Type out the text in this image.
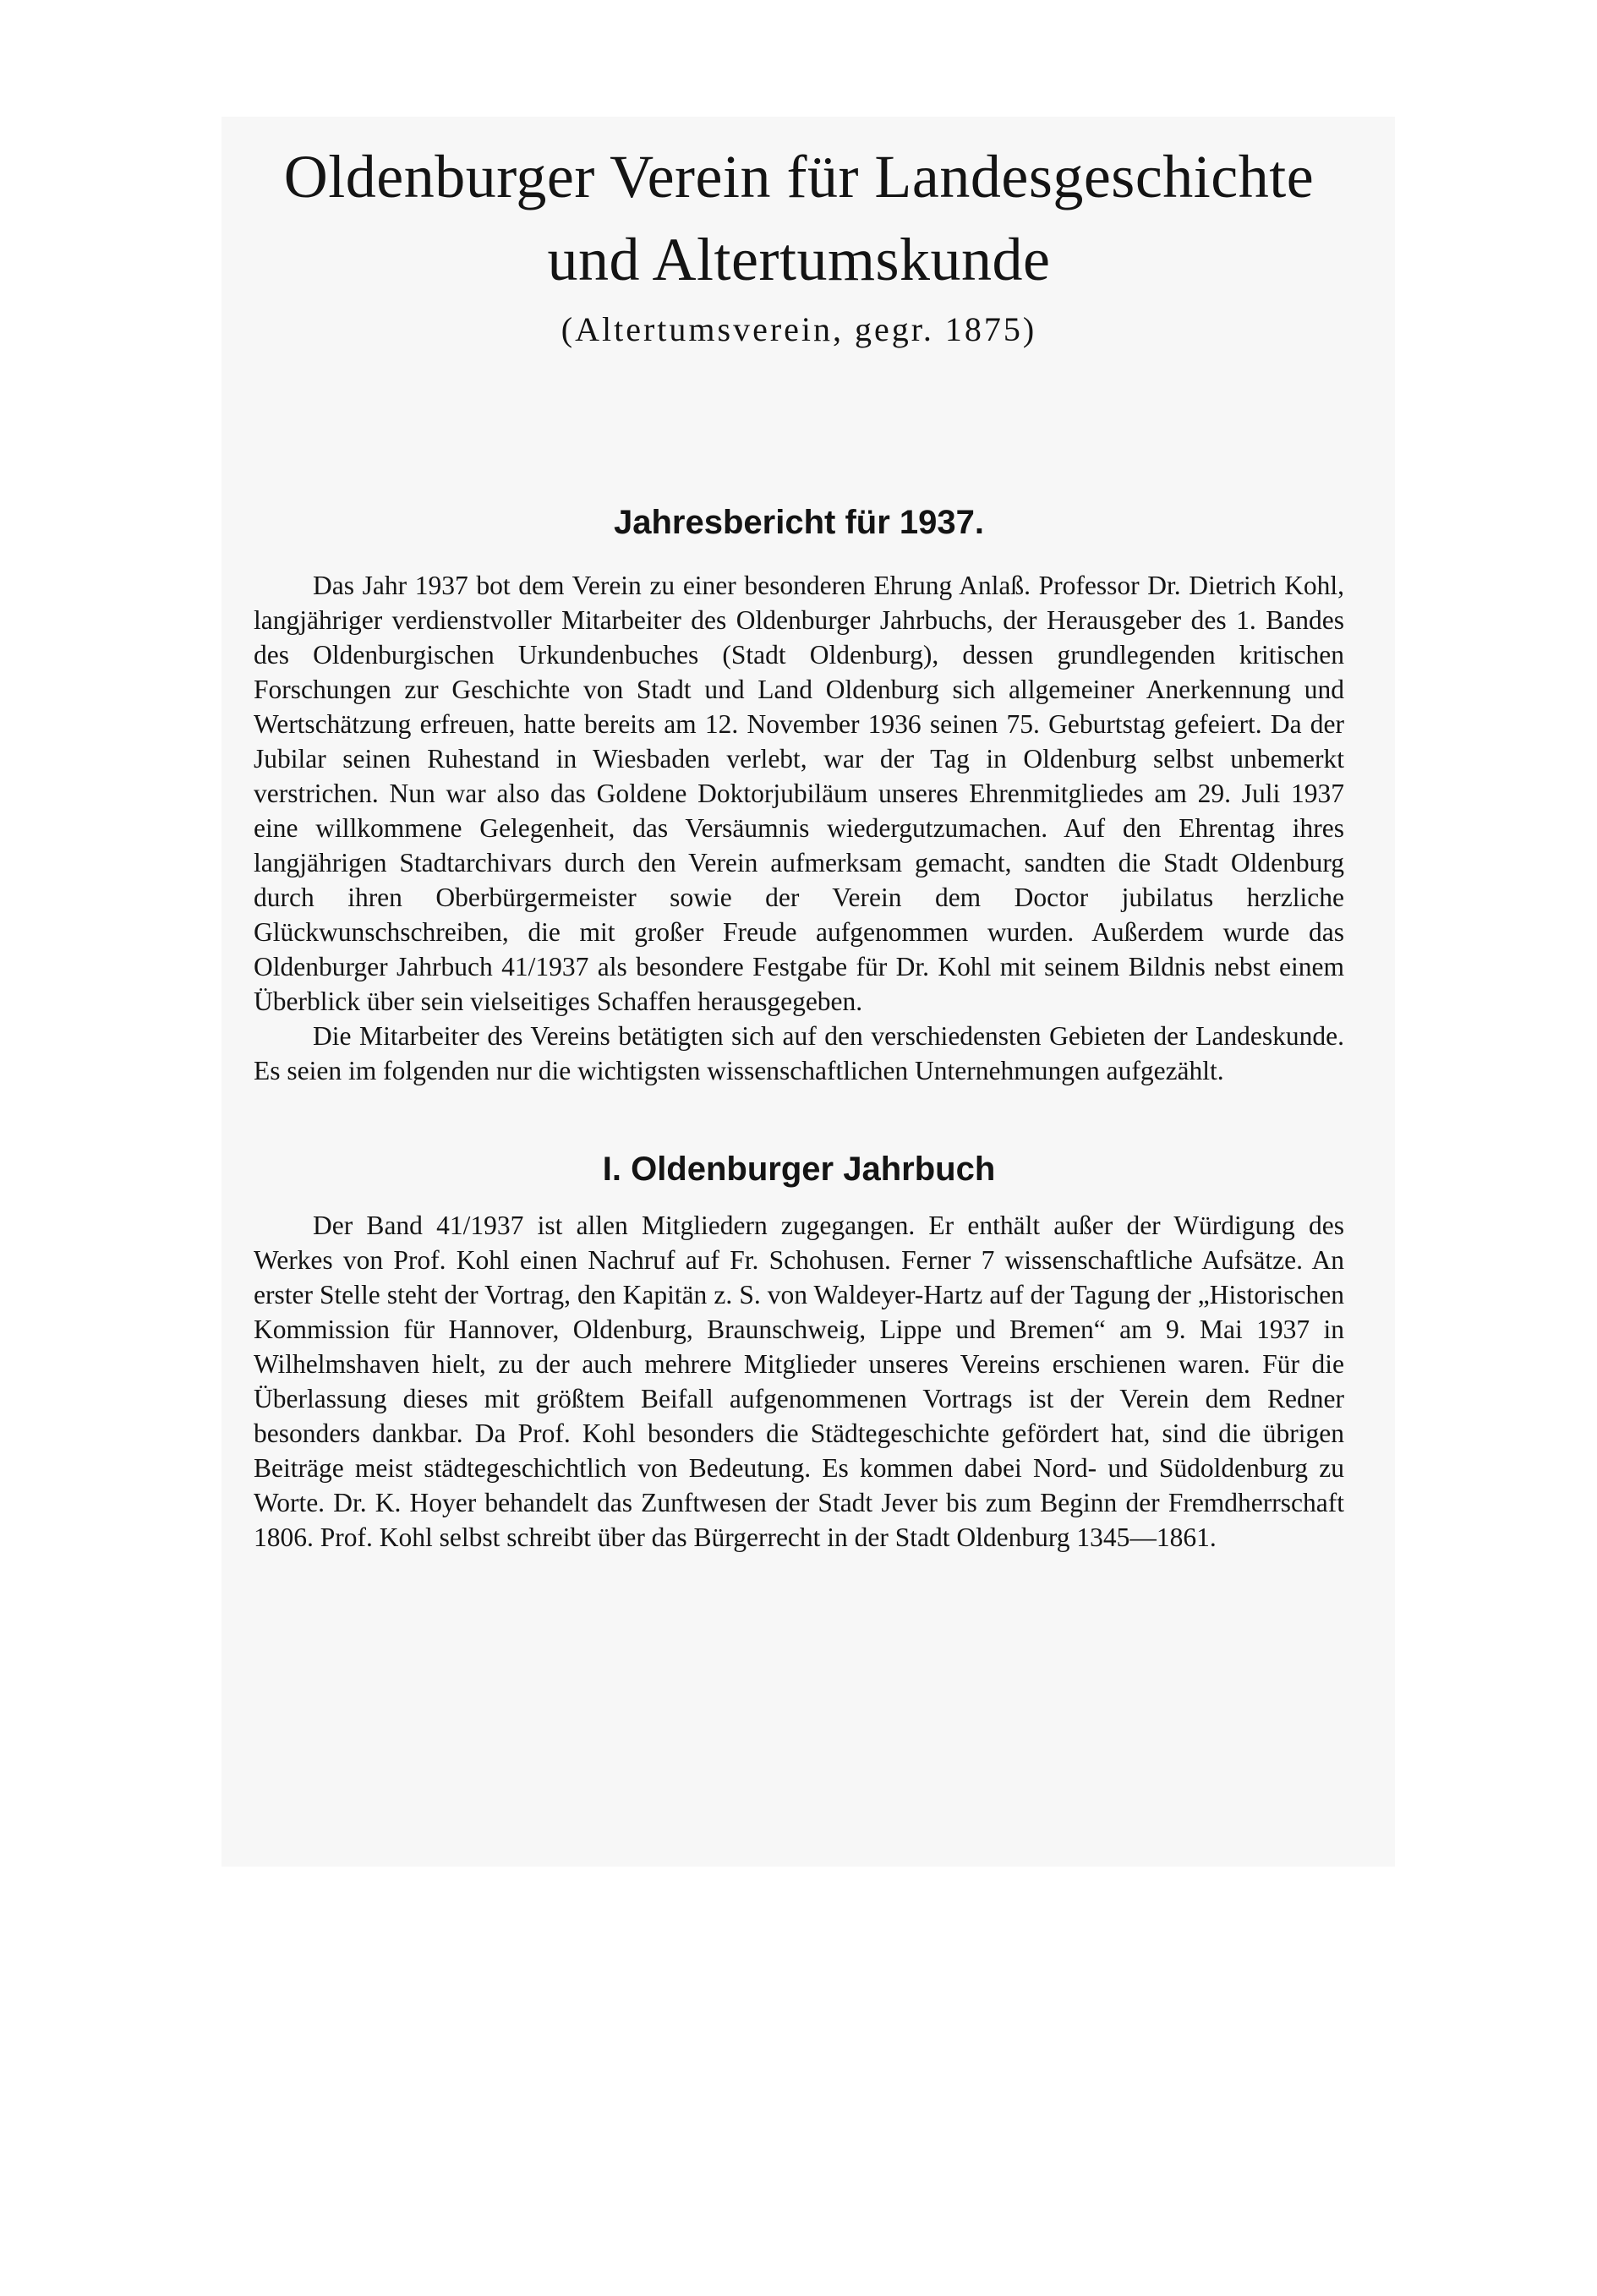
Oldenburger Verein für Landesgeschichte
und Altertumskunde
(Altertumsverein, gegr. 1875)
Jahresbericht für 1937.

Das Jahr 1937 bot dem Verein zu einer besonderen Ehrung Anlaß. Professor Dr. Dietrich Kohl, langjähriger verdienstvoller Mitarbeiter des Oldenburger Jahrbuchs, der Herausgeber des 1. Bandes des Oldenburgischen Urkundenbuches (Stadt Oldenburg), dessen grundlegenden kritischen Forschungen zur Geschichte von Stadt und Land Oldenburg sich allgemeiner Anerkennung und Wertschätzung erfreuen, hatte bereits am 12. November 1936 seinen 75. Geburtstag gefeiert. Da der Jubilar seinen Ruhestand in Wiesbaden verlebt, war der Tag in Oldenburg selbst unbemerkt verstrichen. Nun war also das Goldene Doktorjubiläum unseres Ehrenmitgliedes am 29. Juli 1937 eine willkommene Gelegenheit, das Versäumnis wiedergutzumachen. Auf den Ehrentag ihres langjährigen Stadtarchivars durch den Verein aufmerksam gemacht, sandten die Stadt Oldenburg durch ihren Oberbürgermeister sowie der Verein dem Doctor jubilatus herzliche Glückwunschschreiben, die mit großer Freude aufgenommen wurden. Außerdem wurde das Oldenburger Jahrbuch 41/1937 als besondere Festgabe für Dr. Kohl mit seinem Bildnis nebst einem Überblick über sein vielseitiges Schaffen herausgegeben.

Die Mitarbeiter des Vereins betätigten sich auf den verschiedensten Gebieten der Landeskunde. Es seien im folgenden nur die wichtigsten wissenschaftlichen Unternehmungen aufgezählt.

I. Oldenburger Jahrbuch

Der Band 41/1937 ist allen Mitgliedern zugegangen. Er enthält außer der Würdigung des Werkes von Prof. Kohl einen Nachruf auf Fr. Schohusen. Ferner 7 wissenschaftliche Aufsätze. An erster Stelle steht der Vortrag, den Kapitän z. S. von Waldeyer-Hartz auf der Tagung der „Historischen Kommission für Hannover, Oldenburg, Braunschweig, Lippe und Bremen“ am 9. Mai 1937 in Wilhelmshaven hielt, zu der auch mehrere Mitglieder unseres Vereins erschienen waren. Für die Überlassung dieses mit größtem Beifall aufgenommenen Vortrags ist der Verein dem Redner besonders dankbar. Da Prof. Kohl besonders die Städtegeschichte gefördert hat, sind die übrigen Beiträge meist städtegeschichtlich von Bedeutung. Es kommen dabei Nord- und Südoldenburg zu Worte. Dr. K. Hoyer behandelt das Zunftwesen der Stadt Jever bis zum Beginn der Fremdherrschaft 1806. Prof. Kohl selbst schreibt über das Bürgerrecht in der Stadt Oldenburg 1345—1861.
